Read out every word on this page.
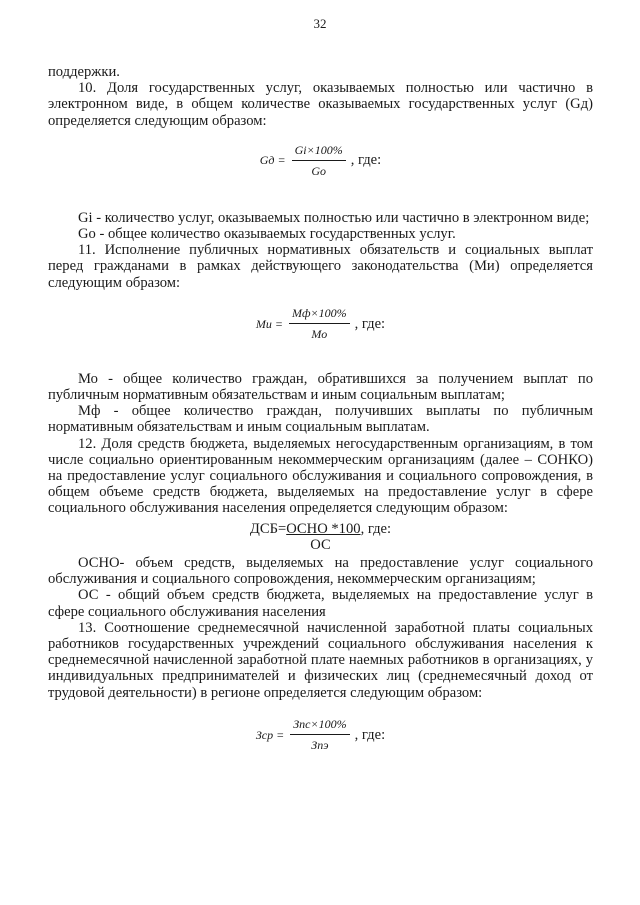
32

поддержки.

10. Доля государственных услуг, оказываемых полностью или частично в электронном виде, в общем количестве оказываемых государственных услуг (Gд) определяется следующим образом:

Gд = $\frac{Gi\times 100\%}{Go}$ , где:

Gi - количество услуг, оказываемых полностью или частично в электронном виде;

Go - общее количество оказываемых государственных услуг.

11. Исполнение публичных нормативных обязательств и социальных выплат перед гражданами в рамках действующего законодательства (Ми) определяется следующим образом:

Ми = $\frac{Мф\times 100\%}{Мо}$ , где:

Мо - общее количество граждан, обратившихся за получением выплат по публичным нормативным обязательствам и иным социальным выплатам;

Мф - общее количество граждан, получивших выплаты по публичным нормативным обязательствам и иным социальным выплатам.

12. Доля средств бюджета, выделяемых негосударственным организациям, в том числе социально ориентированным некоммерческим организациям (далее – СОНКО) на предоставление услуг социального обслуживания и социального сопровождения, в общем объеме средств бюджета, выделяемых на предоставление услуг в сфере социального обслуживания населения определяется следующим образом:

ДСБ=ОСНО *100, где:
ОС

ОСНО- объем средств, выделяемых на предоставление услуг социального обслуживания и социального сопровождения, некоммерческим организациям;

ОС - общий объем средств бюджета, выделяемых на предоставление услуг в сфере социального обслуживания населения

13. Соотношение среднемесячной начисленной заработной платы социальных работников государственных учреждений социального обслуживания населения к среднемесячной начисленной заработной плате наемных работников в организациях, у индивидуальных предпринимателей и физических лиц (среднемесячный доход от трудовой деятельности) в регионе определяется следующим образом:

Зср = $\frac{\text{Зпс×100\%}}{\text{Зпэ}}$ , где:
